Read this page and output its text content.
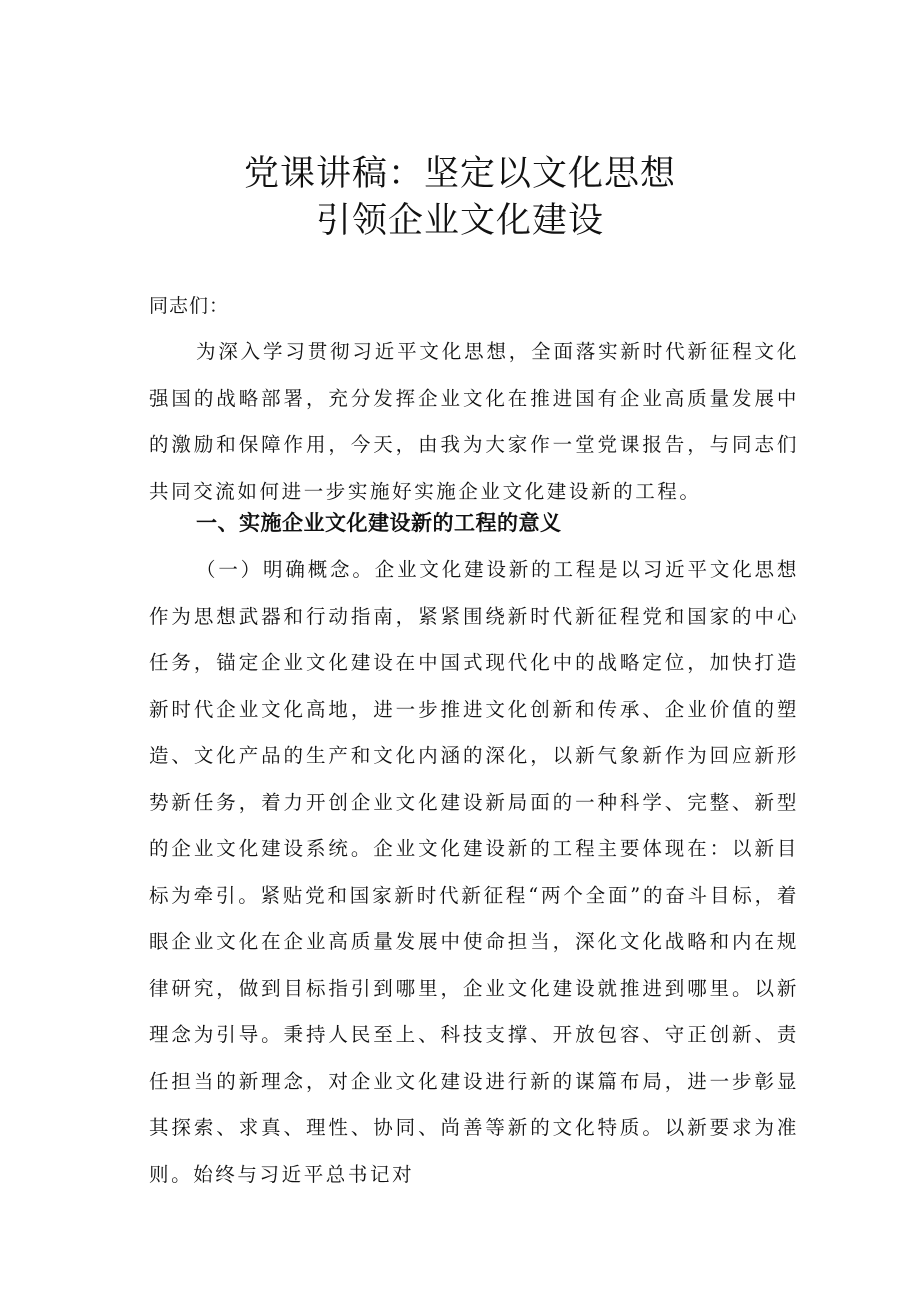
党课讲稿：坚定以文化思想
引领企业文化建设

同志们：

为深入学习贯彻习近平文化思想，全面落实新时代新征程文化强国的战略部署，充分发挥企业文化在推进国有企业高质量发展中的激励和保障作用，今天，由我为大家作一堂党课报告，与同志们共同交流如何进一步实施好实施企业文化建设新的工程。

一、实施企业文化建设新的工程的意义

（一）明确概念。企业文化建设新的工程是以习近平文化思想作为思想武器和行动指南，紧紧围绕新时代新征程党和国家的中心任务，锚定企业文化建设在中国式现代化中的战略定位，加快打造新时代企业文化高地，进一步推进文化创新和传承、企业价值的塑造、文化产品的生产和文化内涵的深化，以新气象新作为回应新形势新任务，着力开创企业文化建设新局面的一种科学、完整、新型的企业文化建设系统。企业文化建设新的工程主要体现在：以新目标为牵引。紧贴党和国家新时代新征程“两个全面”的奋斗目标，着眼企业文化在企业高质量发展中使命担当，深化文化战略和内在规律研究，做到目标指引到哪里，企业文化建设就推进到哪里。以新理念为引导。秉持人民至上、科技支撑、开放包容、守正创新、责任担当的新理念，对企业文化建设进行新的谋篇布局，进一步彰显其探索、求真、理性、协同、尚善等新的文化特质。以新要求为准则。始终与习近平总书记对
